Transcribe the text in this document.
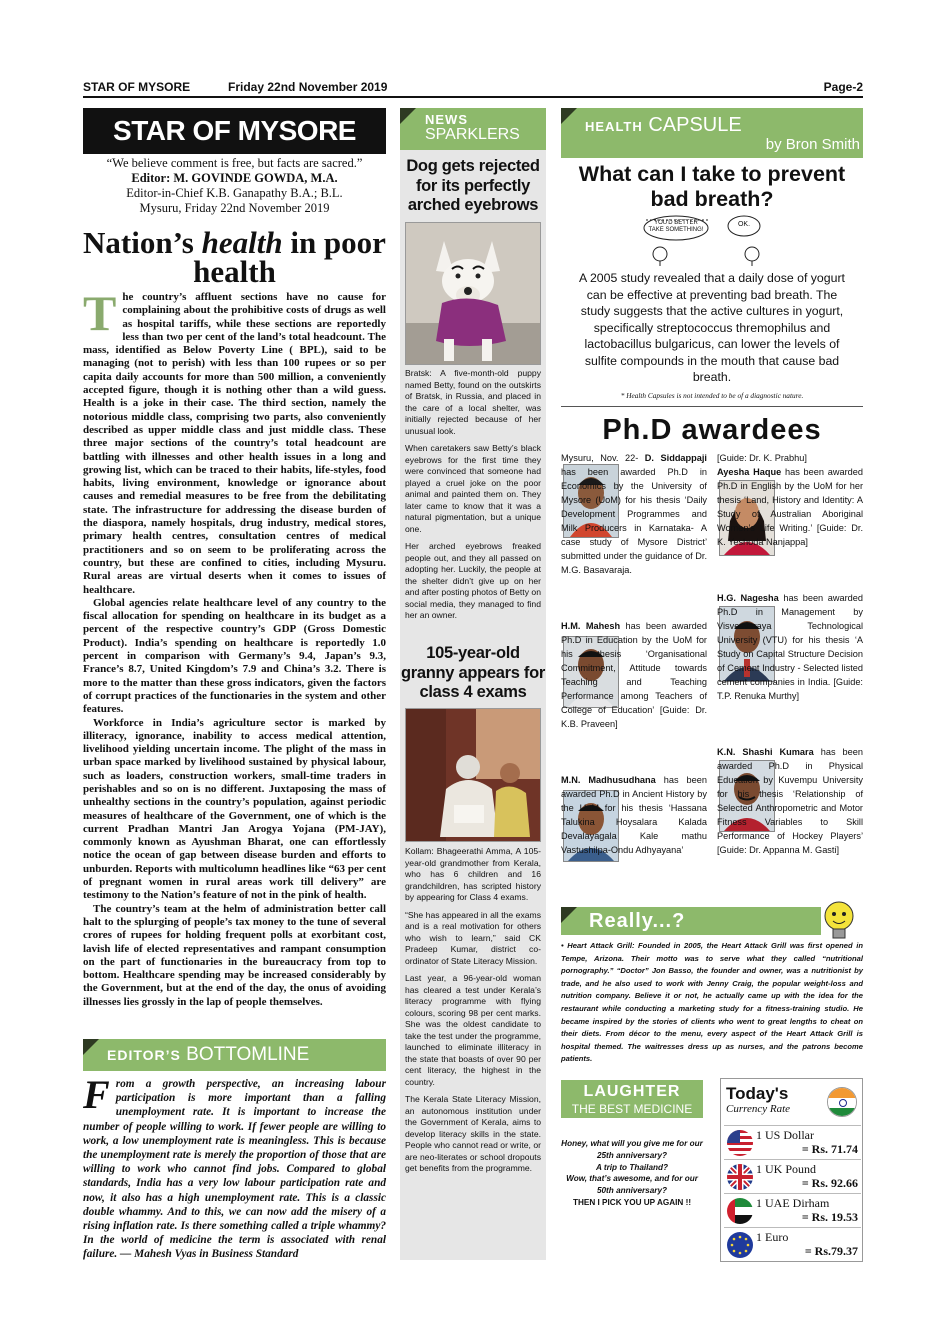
STAR OF MYSORE	Friday 22nd November 2019	Page-2
STAR OF MYSORE
“We believe comment is free, but facts are sacred.”
Editor: M. GOVINDE GOWDA, M.A.
Editor-in-Chief K.B. Ganapathy B.A.; B.L.
Mysuru, Friday 22nd November 2019
Nation’s health in poor health

The country’s affluent sections have no cause for complaining about the prohibitive costs of drugs as well as hospital tariffs, while these sections are reportedly less than two per cent of the land’s total headcount. The mass, identified as Below Poverty Line ( BPL), said to be managing (not to perish) with less than 100 rupees or so per capita daily accounts for more than 500 million, a conveniently accepted figure, though it is nothing other than a wild guess. Health is a joke in their case. The third section, namely the notorious middle class, comprising two parts, also conveniently described as upper middle class and just middle class. These three major sections of the country’s total headcount are battling with illnesses and other health issues in a long and growing list, which can be traced to their habits, life-styles, food habits, living environment, knowledge or ignorance about causes and remedial measures to be free from the debilitating state. The infrastructure for addressing the disease burden of the diaspora, namely hospitals, drug industry, medical stores, primary health centres, consultation centres of medical practitioners and so on seem to be proliferating across the country, but these are confined to cities, including Mysuru. Rural areas are virtual deserts when it comes to issues of healthcare.

Global agencies relate healthcare level of any country to the fiscal allocation for spending on healthcare in its budget as a percent of the respective country’s GDP (Gross Domestic Product). India’s spending on healthcare is reportedly 1.0 percent in comparison with Germany’s 9.4, Japan’s 9.3, France’s 8.7, United Kingdom’s 7.9 and China’s 3.2. There is more to the matter than these gross indicators, given the factors of corrupt practices of the functionaries in the system and other features.

Workforce in India’s agriculture sector is marked by illiteracy, ignorance, inability to access medical attention, livelihood yielding uncertain income. The plight of the mass in urban space marked by livelihood sustained by physical labour, such as loaders, construction workers, small-time traders in perishables and so on is no different. Juxtaposing the mass of unhealthy sections in the country’s population, against periodic measures of healthcare of the Government, one of which is the current Pradhan Mantri Jan Arogya Yojana (PM-JAY), commonly known as Ayushman Bharat, one can effortlessly notice the ocean of gap between disease burden and efforts to unburden. Reports with multicolumn headlines like “63 per cent of pregnant women in rural areas work till delivery” are testimony to the Nation’s feature of not in the pink of health.

The country’s team at the helm of administration better call halt to the splurging of people’s tax money to the tune of several crores of rupees for holding frequent polls at exorbitant cost, lavish life of elected representatives and rampant consumption on the part of functionaries in the bureaucracy from top to bottom. Healthcare spending may be increased considerably by the Government, but at the end of the day, the onus of avoiding illnesses lies grossly in the lap of people themselves.

EDITOR’S BOTTOMLINE
From a growth perspective, an increasing labour participation is more important than a falling unemployment rate. It is important to increase the number of people willing to work. If fewer people are willing to work, a low unemployment rate is meaningless. This is because the unemployment rate is merely the proportion of those that are willing to work who cannot find jobs. Compared to global standards, India has a very low labour participation rate and now, it also has a high unemployment rate. This is a classic double whammy. And to this, we can now add the misery of a rising inflation rate. Is there something called a triple whammy? In the world of medicine the term is associated with renal failure. — Mahesh Vyas in Business Standard
NEWS
SPARKLERS
Dog gets rejected for its perfectly arched eyebrows

Bratsk: A five-month-old puppy named Betty, found on the outskirts of Bratsk, in Russia, and placed in the care of a local shelter, was initially rejected because of her unusual look.

When caretakers saw Betty’s black eyebrows for the first time they were convinced that someone had played a cruel joke on the poor animal and painted them on. They later came to know that it was a natural pigmentation, but a unique one.

Her arched eyebrows freaked people out, and they all passed on adopting her. Luckily, the people at the shelter didn’t give up on her and after posting photos of Betty on social media, they managed to find her an owner.

105-year-old granny appears for class 4 exams

Kollam: Bhageerathi Amma, A 105-year-old grandmother from Kerala, who has 6 children and 16 grandchildren, has scripted history by appearing for Class 4 exams.

“She has appeared in all the exams and is a real motivation for others who wish to learn,” said CK Pradeep Kumar, district co-ordinator of State Literacy Mission.

Last year, a 96-year-old woman has cleared a test under Kerala’s literacy programme with flying colours, scoring 98 per cent marks. She was the oldest candidate to take the test under the programme, launched to eliminate illiteracy in the state that boasts of over 90 per cent literacy, the highest in the country.

The Kerala State Literacy Mission, an autonomous institution under the Government of Kerala, aims to develop literacy skills in the state. People who cannot read or write, or are neo-literates or school dropouts get benefits from the programme.

HEALTH CAPSULE
by Bron Smith
What can I take to prevent bad breath?
YOU'D BETTER TAKE SOMETHING!
OK.
A 2005 study revealed that a daily dose of yogurt can be effective at preventing bad breath. The study suggests that the active cultures in yogurt, specifically streptococcus thremophilus and lactobacillus bulgaricus, can lower the levels of sulfite compounds in the mouth that cause bad breath.
* Health Capsules is not intended to be of a diagnostic nature.
Ph.D awardees
Mysuru, Nov. 22- D. Siddappaji has been awarded Ph.D in Economics by the University of Mysore (UoM) for his thesis ‘Daily Development Programmes and Milk Producers in Karnataka- A case study of Mysore District’ submitted under the guidance of Dr. M.G. Basavaraja.
H.M. Mahesh has been awarded Ph.D in Education by the UoM for his thesis ‘Organisational Commitment, Attitude towards Teaching and Teaching Performance among Teachers of College of Education’ [Guide: Dr. K.B. Praveen]
M.N. Madhusudhana has been awarded Ph.D in Ancient History by the UoM for his thesis ‘Hassana Talukina Hoysalara Kaladа Devalayagala Kale mathu Vastushilpa-Ondu Adhyayana’
[Guide: Dr. K. Prabhu]
Ayesha Haque has been awarded Ph.D in English by the UoM for her thesis ‘Land, History and Identity: A Study of Australian Aboriginal Women’s Life Writing.’ [Guide: Dr. K. Yeshoda Nanjappa]
H.G. Nagesha has been awarded Ph.D in Management by Visvesvaraya Technological University (VTU) for his thesis ‘A Study on Capital Structure Decision of Cement Industry - Selected listed cement companies in India. [Guide: T.P. Renuka Murthy]
K.N. Shashi Kumara has been awarded Ph.D in Physical Education by Kuvempu University for his thesis ‘Relationship of Selected Anthropometric and Motor Fitness Variables to Skill Performance of Hockey Players’ [Guide: Dr. Appanna M. Gasti]
Really...?
• Heart Attack Grill: Founded in 2005, the Heart Attack Grill was first opened in Tempe, Arizona. Their motto was to serve what they called “nutritional pornography.” “Doctor” Jon Basso, the founder and owner, was a nutritionist by trade, and he also used to work with Jenny Craig, the popular weight-loss and nutrition company. Believe it or not, he actually came up with the idea for the restaurant while conducting a marketing study for a fitness-training studio. He became inspired by the stories of clients who went to great lengths to cheat on their diets. From décor to the menu, every aspect of the Heart Attack Grill is hospital themed. The waitresses dress up as nurses, and the patrons become patients.
LAUGHTER
THE BEST MEDICINE
Honey, what will you give me for our 25th anniversary?
A trip to Thailand?
Wow, that’s awesome, and for our 50th anniversary?
THEN I PICK YOU UP AGAIN !!
Today's
Currency Rate
1 US Dollar
= Rs. 71.74
1 UK Pound
= Rs. 92.66
1 UAE Dirham
= Rs. 19.53
1 Euro
= Rs.79.37
